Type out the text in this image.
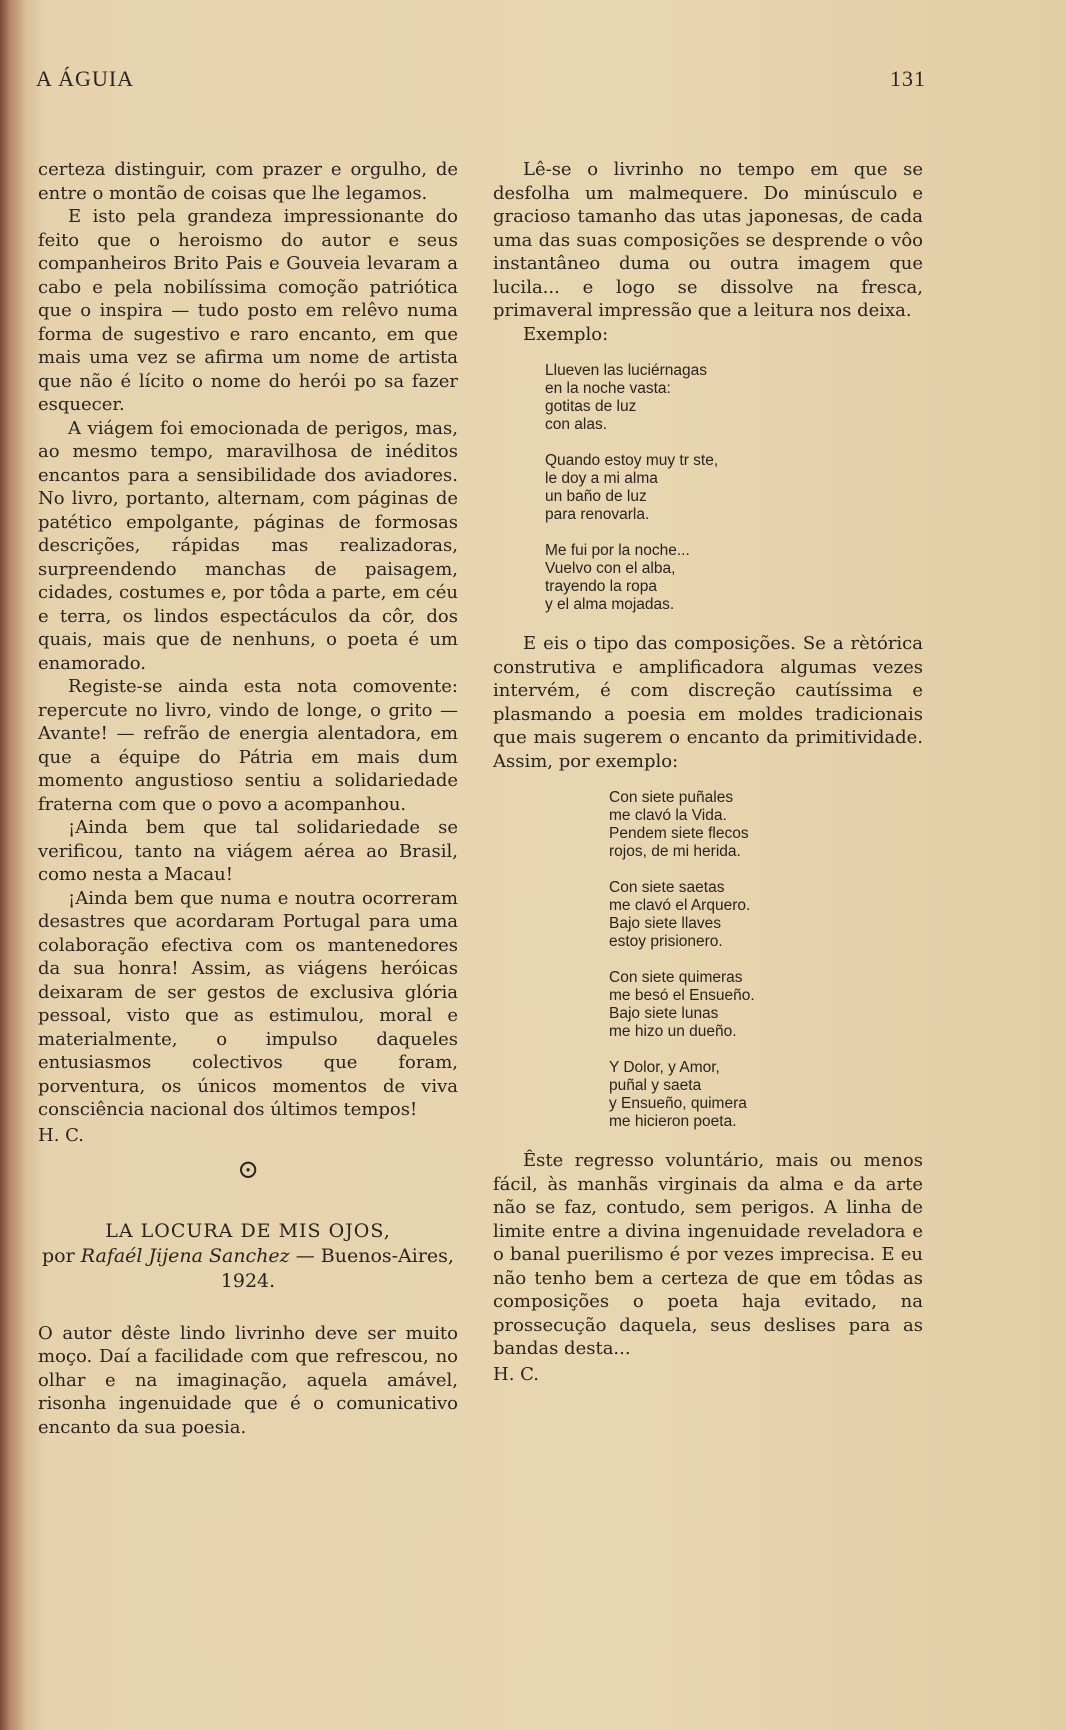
A ÁGUIA	131

certeza distinguir, com prazer e orgulho, de entre o montão de coisas que lhe legamos.

E isto pela grandeza impressionante do feito que o heroismo do autor e seus companheiros Brito Pais e Gouveia levaram a cabo e pela nobilíssima comoção patriótica que o inspira — tudo posto em relêvo numa forma de sugestivo e raro encanto, em que mais uma vez se afirma um nome de artista que não é lícito o nome do herói po sa fazer esquecer.

A viágem foi emocionada de perigos, mas, ao mesmo tempo, maravilhosa de inéditos encantos para a sensibilidade dos aviadores. No livro, portanto, alternam, com páginas de patético empolgante, páginas de formosas descrições, rápidas mas realizadoras, surpreendendo manchas de paisagem, cidades, costumes e, por tôda a parte, em céu e terra, os lindos espectáculos da côr, dos quais, mais que de nenhuns, o poeta é um enamorado.

Registe-se ainda esta nota comovente: repercute no livro, vindo de longe, o grito — Avante! — refrão de energia alentadora, em que a équipe do Pátria em mais dum momento angustioso sentiu a solidariedade fraterna com que o povo a acompanhou.

¡Ainda bem que tal solidariedade se verificou, tanto na viágem aérea ao Brasil, como nesta a Macau!

¡Ainda bem que numa e noutra ocorreram desastres que acordaram Portugal para uma colaboração efectiva com os mantenedores da sua honra! Assim, as viágens heróicas deixaram de ser gestos de exclusiva glória pessoal, visto que as estimulou, moral e materialmente, o impulso daqueles entusiasmos colectivos que foram, porventura, os únicos momentos de viva consciência nacional dos últimos tempos!

H. C.

⊙
LA LOCURA DE MIS OJOS,
por Rafaél Jijena Sanchez — Buenos-Aires, 1924.

O autor dêste lindo livrinho deve ser muito moço. Daí a facilidade com que refrescou, no olhar e na imaginação, aquela amável, risonha ingenuidade que é o comunicativo encanto da sua poesia.

Lê-se o livrinho no tempo em que se desfolha um malmequere. Do minúsculo e gracioso tamanho das utas japonesas, de cada uma das suas composições se desprende o vôo instantâneo duma ou outra imagem que lucila... e logo se dissolve na fresca, primaveral impressão que a leitura nos deixa.

Exemplo:

Llueven las luciérnagas
en la noche vasta:
gotitas de luz
con alas.
Quando estoy muy tr ste,
le doy a mi alma
un baño de luz
para renovarla.
Me fui por la noche...
Vuelvo con el alba,
trayendo la ropa
y el alma mojadas.

E eis o tipo das composições. Se a rètórica construtiva e amplificadora algumas vezes intervém, é com discreção cautíssima e plasmando a poesia em moldes tradicionais que mais sugerem o encanto da primitividade. Assim, por exemplo:

Con siete puñales
me clavó la Vida.
Pendem siete flecos
rojos, de mi herida.
Con siete saetas
me clavó el Arquero.
Bajo siete llaves
estoy prisionero.
Con siete quimeras
me besó el Ensueño.
Bajo siete lunas
me hizo un dueño.
Y Dolor, y Amor,
puñal y saeta
y Ensueño, quimera
me hicieron poeta.

Êste regresso voluntário, mais ou menos fácil, às manhãs virginais da alma e da arte não se faz, contudo, sem perigos. A linha de limite entre a divina ingenuidade reveladora e o banal puerilismo é por vezes imprecisa. E eu não tenho bem a certeza de que em tôdas as composições o poeta haja evitado, na prossecução daquela, seus deslises para as bandas desta...

H. C.
